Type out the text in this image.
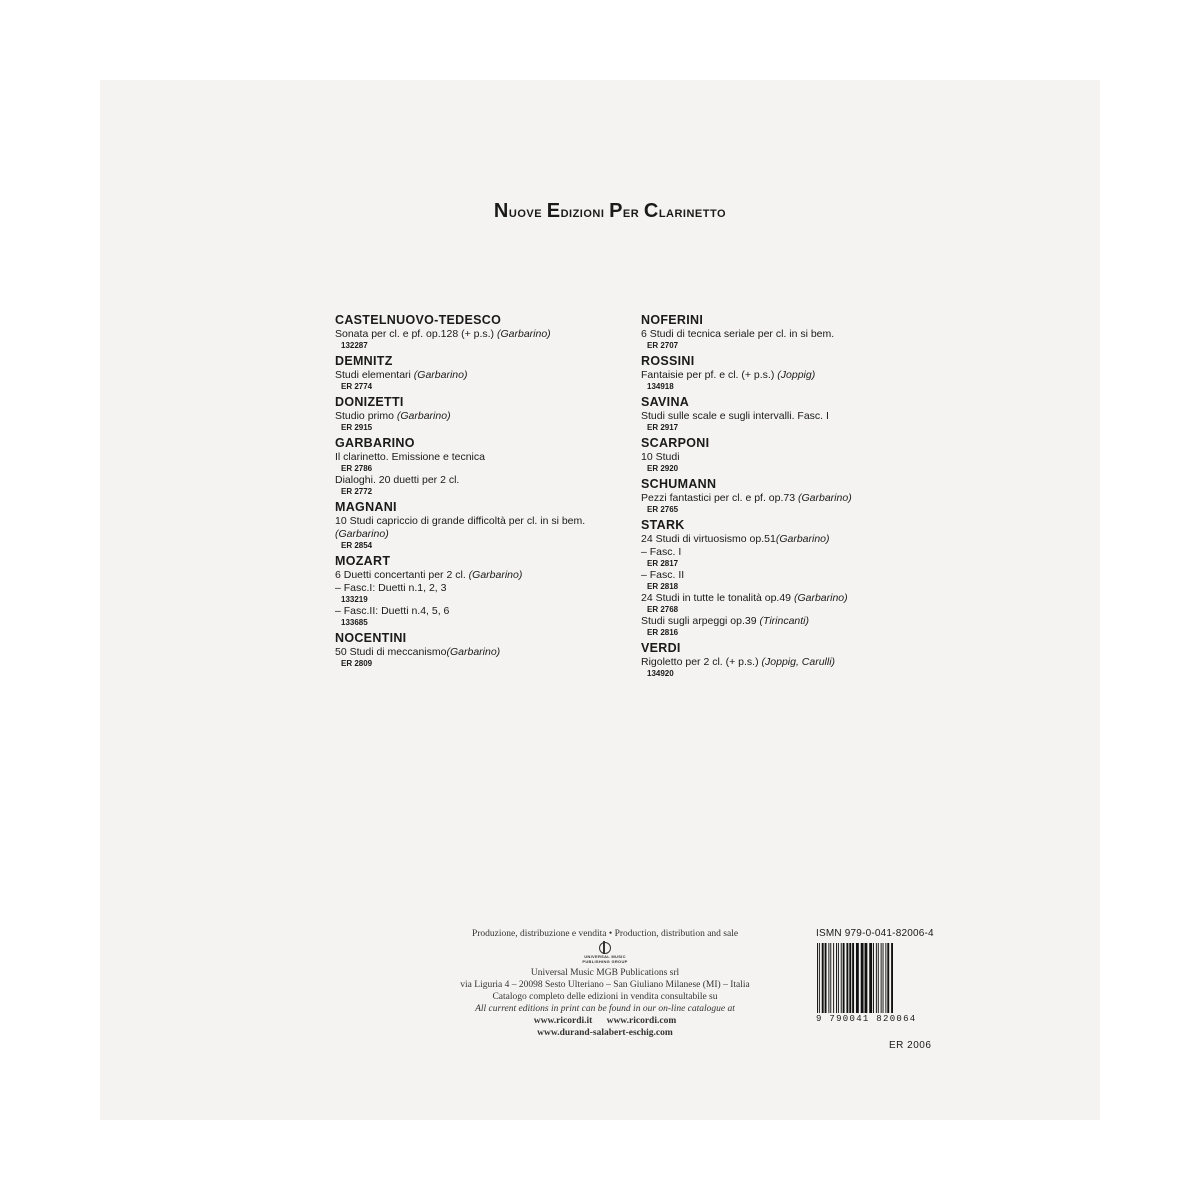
Nuove Edizioni Per Clarinetto
CASTELNUOVO-TEDESCO
Sonata per cl. e pf. op.128 (+ p.s.) (Garbarino)
132287
DEMNITZ
Studi elementari (Garbarino)
ER 2774
DONIZETTI
Studio primo (Garbarino)
ER 2915
GARBARINO
Il clarinetto. Emissione e tecnica
ER 2786
Dialoghi. 20 duetti per 2 cl.
ER 2772
MAGNANI
10 Studi capriccio di grande difficoltà per cl. in si bem.
(Garbarino)
ER 2854
MOZART
6 Duetti concertanti per 2 cl. (Garbarino)
– Fasc.I: Duetti n.1, 2, 3
133219
– Fasc.II: Duetti n.4, 5, 6
133685
NOCENTINI
50 Studi di meccanismo(Garbarino)
ER 2809
NOFERINI
6 Studi di tecnica seriale per cl. in si bem.
ER 2707
ROSSINI
Fantaisie per pf. e cl. (+ p.s.) (Joppig)
134918
SAVINA
Studi sulle scale e sugli intervalli. Fasc. I
ER 2917
SCARPONI
10 Studi
ER 2920
SCHUMANN
Pezzi fantastici per cl. e pf. op.73 (Garbarino)
ER 2765
STARK
24 Studi di virtuosismo op.51(Garbarino)
– Fasc. I
ER 2817
– Fasc. II
ER 2818
24 Studi in tutte le tonalità op.49 (Garbarino)
ER 2768
Studi sugli arpeggi op.39 (Tirincanti)
ER 2816
VERDI
Rigoletto per 2 cl. (+ p.s.) (Joppig, Carulli)
134920
Produzione, distribuzione e vendita • Production, distribution and sale
UNIVERSAL MUSIC
PUBLISHING GROUP
Universal Music MGB Publications srl
via Liguria 4 – 20098 Sesto Ulteriano – San Giuliano Milanese (MI) – Italia
Catalogo completo delle edizioni in vendita consultabile su
All current editions in print can be found in our on-line catalogue at
www.ricordi.it www.ricordi.com
www.durand-salabert-eschig.com
ISMN 979-0-041-82006-4
9 790041 820064
ER 2006
